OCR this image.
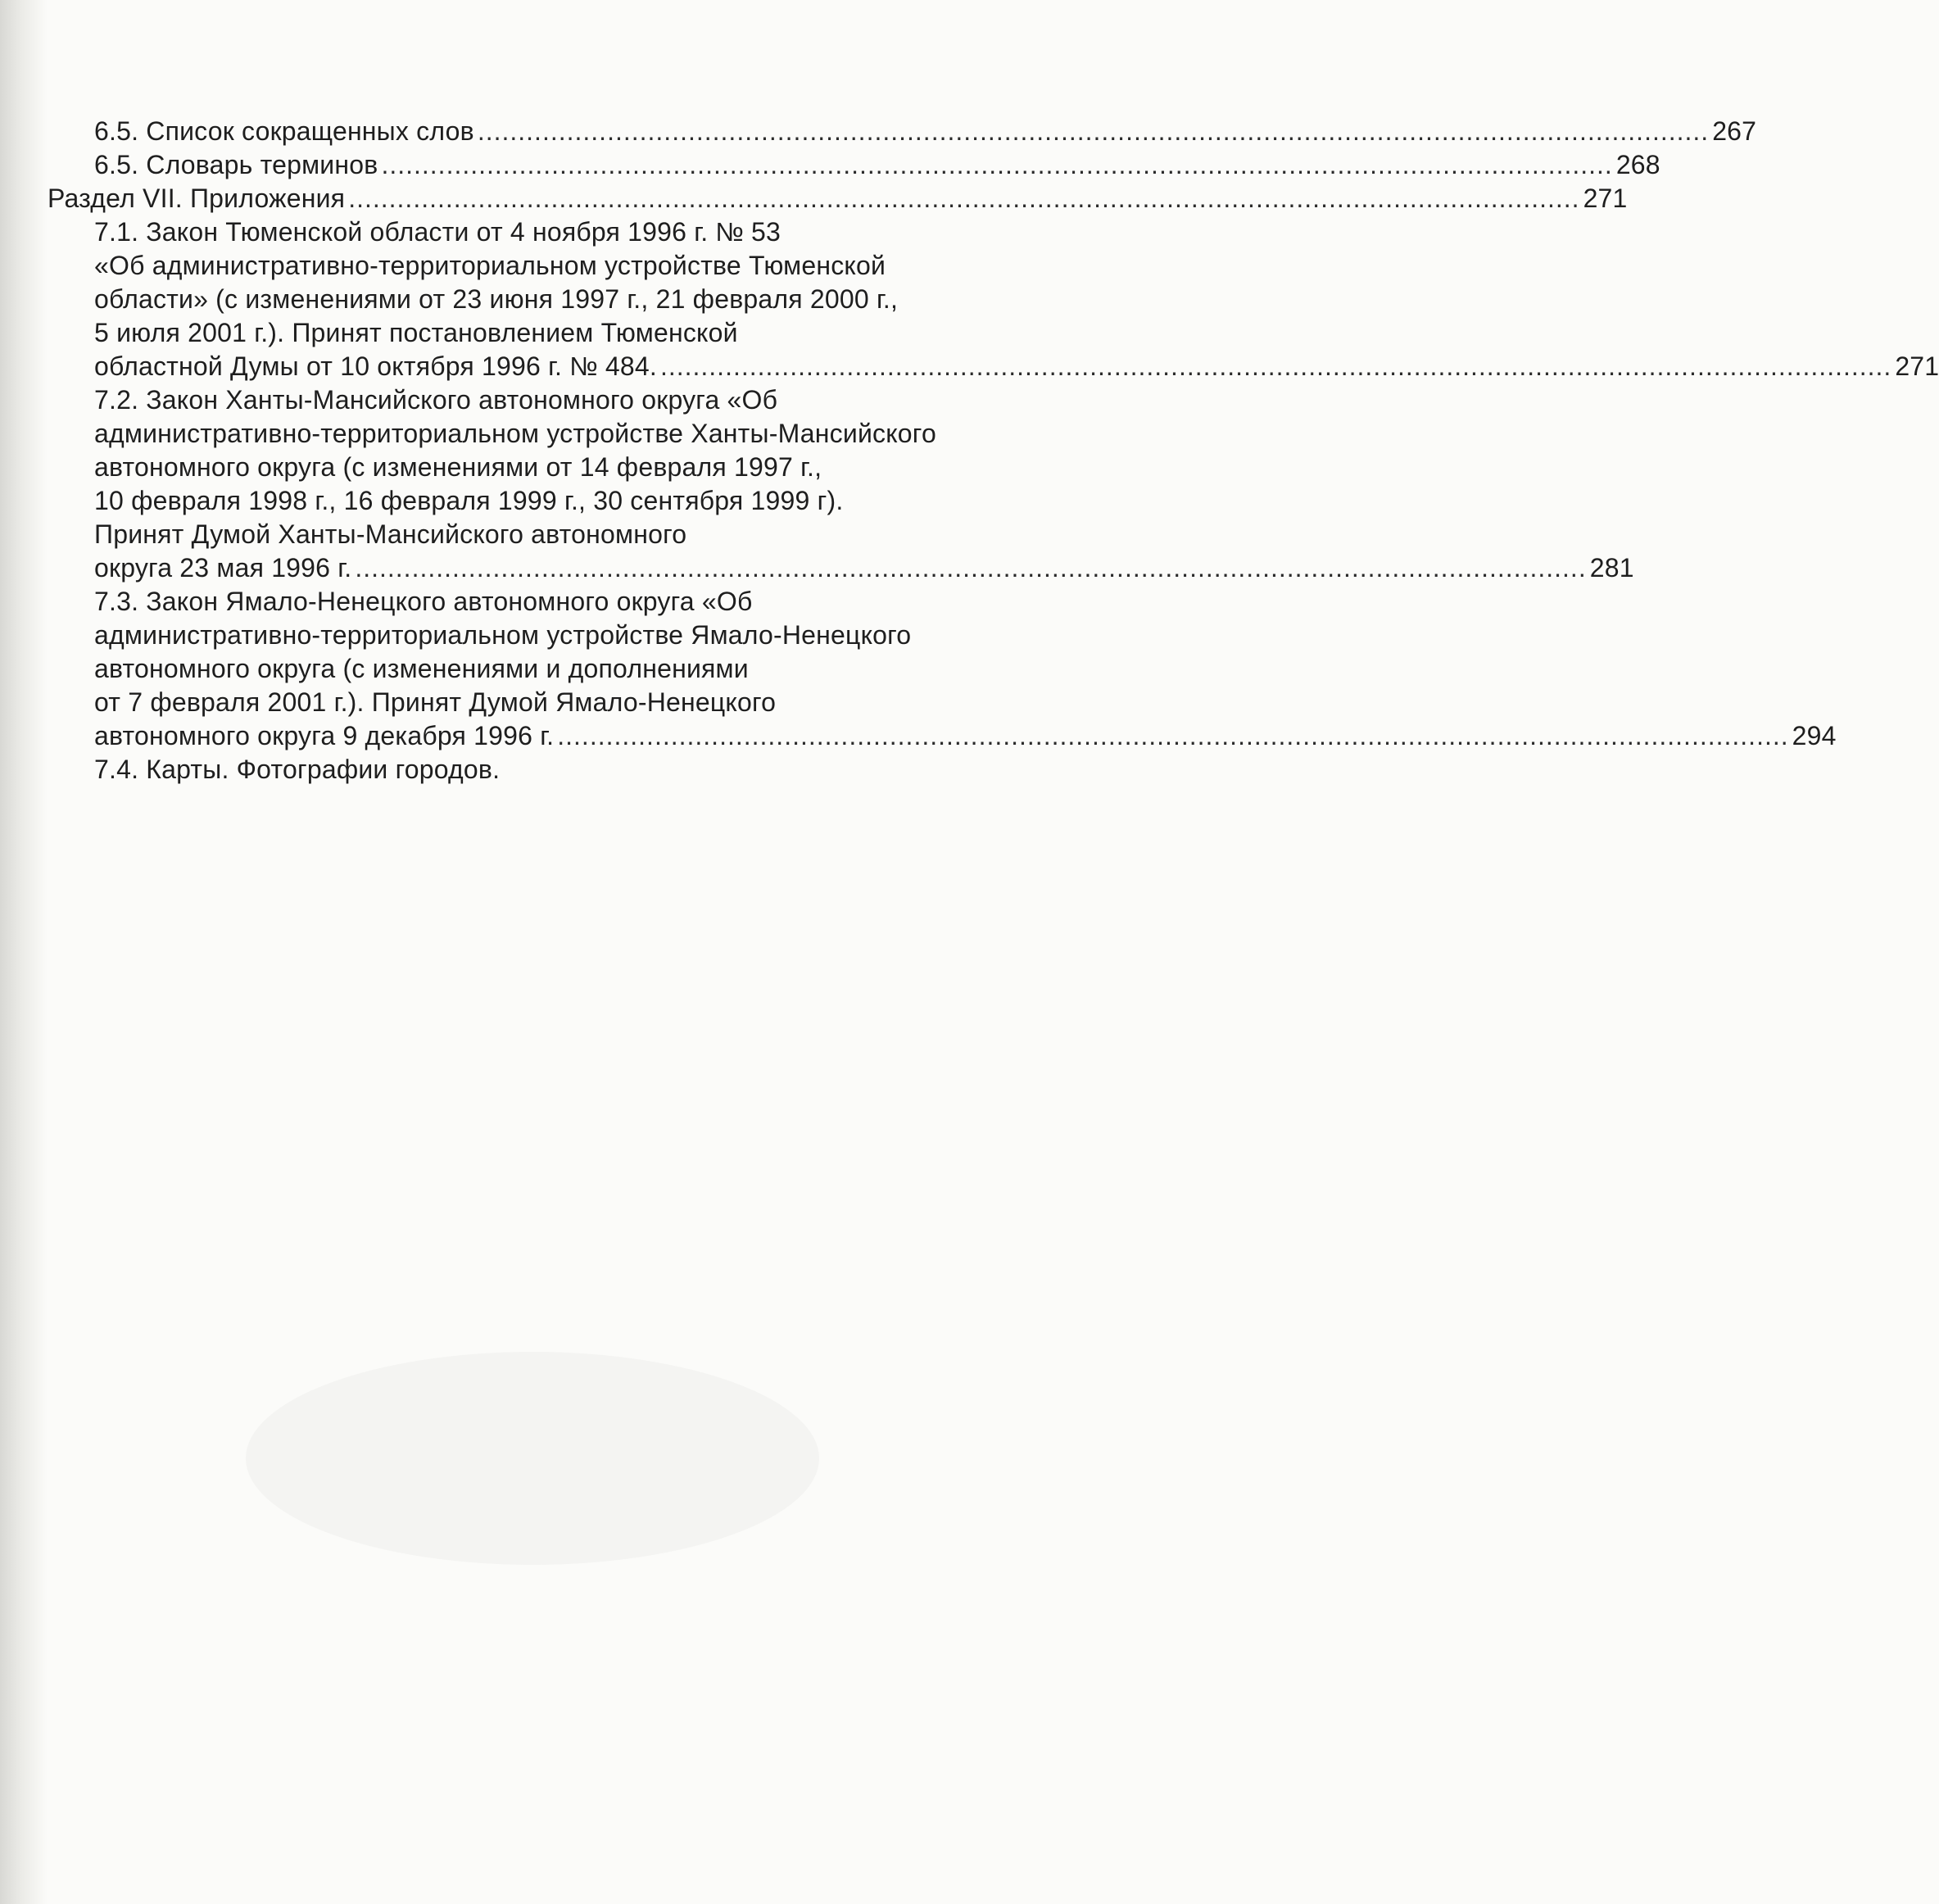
6.5. Список сокращенных слов ........................................................................................................................................................ 267
6.5. Словарь терминов ........................................................................................................................................................ 268
Раздел VII. Приложения ........................................................................................................................................................ 271
7.1. Закон Тюменской области от 4 ноября 1996 г. № 53
«Об административно-территориальном устройстве Тюменской
области» (с изменениями от 23 июня 1997 г., 21 февраля 2000 г.,
5 июля 2001 г.). Принят постановлением Тюменской
областной Думы от 10 октября 1996 г. № 484. ........................................................................................................................................................ 271
7.2. Закон Ханты-Мансийского автономного округа «Об
административно-территориальном устройстве Ханты-Мансийского
автономного округа (с изменениями от 14 февраля 1997 г.,
10 февраля 1998 г., 16 февраля 1999 г., 30 сентября 1999 г).
Принят Думой Ханты-Мансийского автономного
округа 23 мая 1996 г. ........................................................................................................................................................ 281
7.3. Закон Ямало-Ненецкого автономного округа «Об
административно-территориальном устройстве Ямало-Ненецкого
автономного округа (с изменениями и дополнениями
от 7 февраля 2001 г.). Принят Думой Ямало-Ненецкого
автономного округа 9 декабря 1996 г. ........................................................................................................................................................ 294
7.4. Карты. Фотографии городов.
